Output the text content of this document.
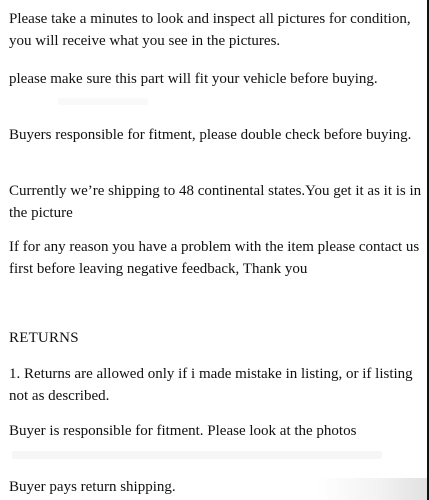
Please take a minutes to look and inspect all pictures for condition, you will receive what you see in the pictures.

please make sure this part will fit your vehicle before buying.

Buyers responsible for fitment, please double check before buying.

Currently we’re shipping to 48 continental states.You get it as it is in the picture

If for any reason you have a problem with the item please contact us first before leaving negative feedback, Thank you

RETURNS

1. Returns are allowed only if i made mistake in listing, or if listing not as described.

Buyer is responsible for fitment. Please look at the photos

Buyer pays return shipping.
